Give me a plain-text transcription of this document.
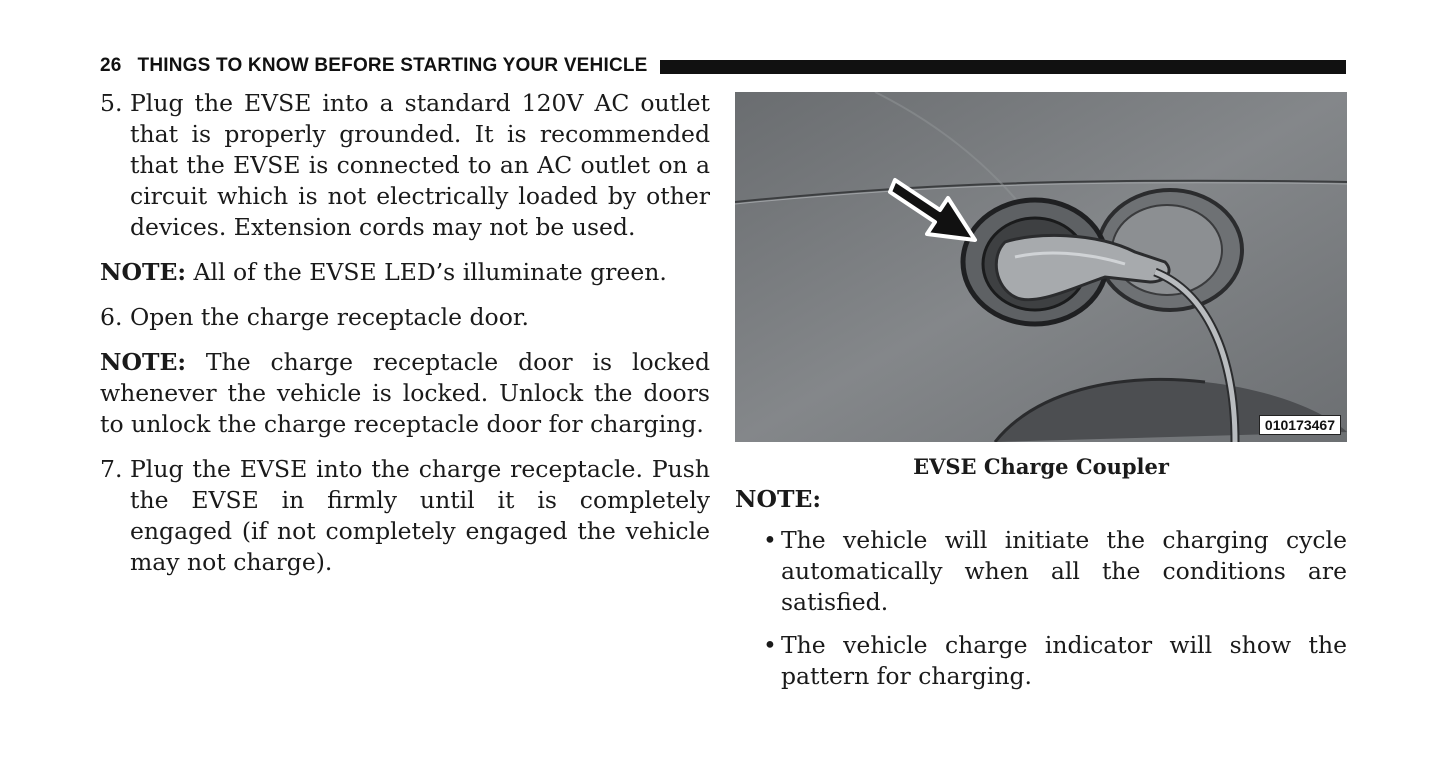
26 THINGS TO KNOW BEFORE STARTING YOUR VEHICLE
5. Plug the EVSE into a standard 120V AC outlet that is properly grounded. It is recommended that the EVSE is connected to an AC outlet on a circuit which is not electrically loaded by other devices. Extension cords may not be used.

NOTE: All of the EVSE LED’s illuminate green.

6. Open the charge receptacle door.

NOTE: The charge receptacle door is locked whenever the vehicle is locked. Unlock the doors to unlock the charge receptacle door for charging.

7. Plug the EVSE into the charge receptacle. Push the EVSE in firmly until it is completely engaged (if not completely engaged the vehicle may not charge).
010173467
EVSE Charge Coupler
NOTE:
• The vehicle will initiate the charging cycle automatically when all the conditions are satisfied.
• The vehicle charge indicator will show the pattern for charging.
